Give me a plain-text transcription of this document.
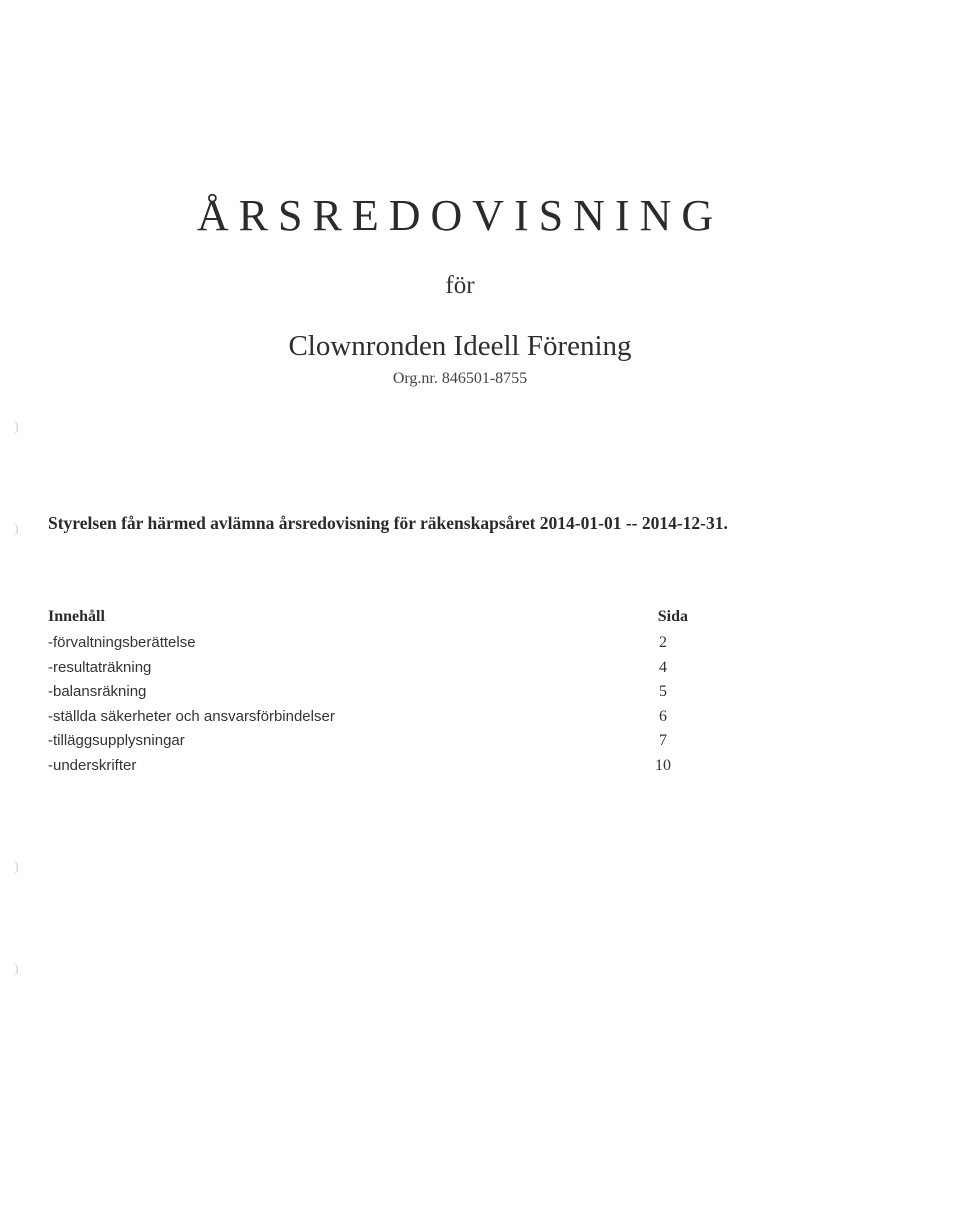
)
)
)
)
ÅRSREDOVISNING
för
Clownronden Ideell Förening
Org.nr. 846501-8755
Styrelsen får härmed avlämna årsredovisning för räkenskapsåret 2014-01-01 -- 2014-12-31.
Innehåll	Sida
-förvaltningsberättelse	2
-resultaträkning	4
-balansräkning	5
-ställda säkerheter och ansvarsförbindelser	6
-tilläggsupplysningar	7
-underskrifter	10
